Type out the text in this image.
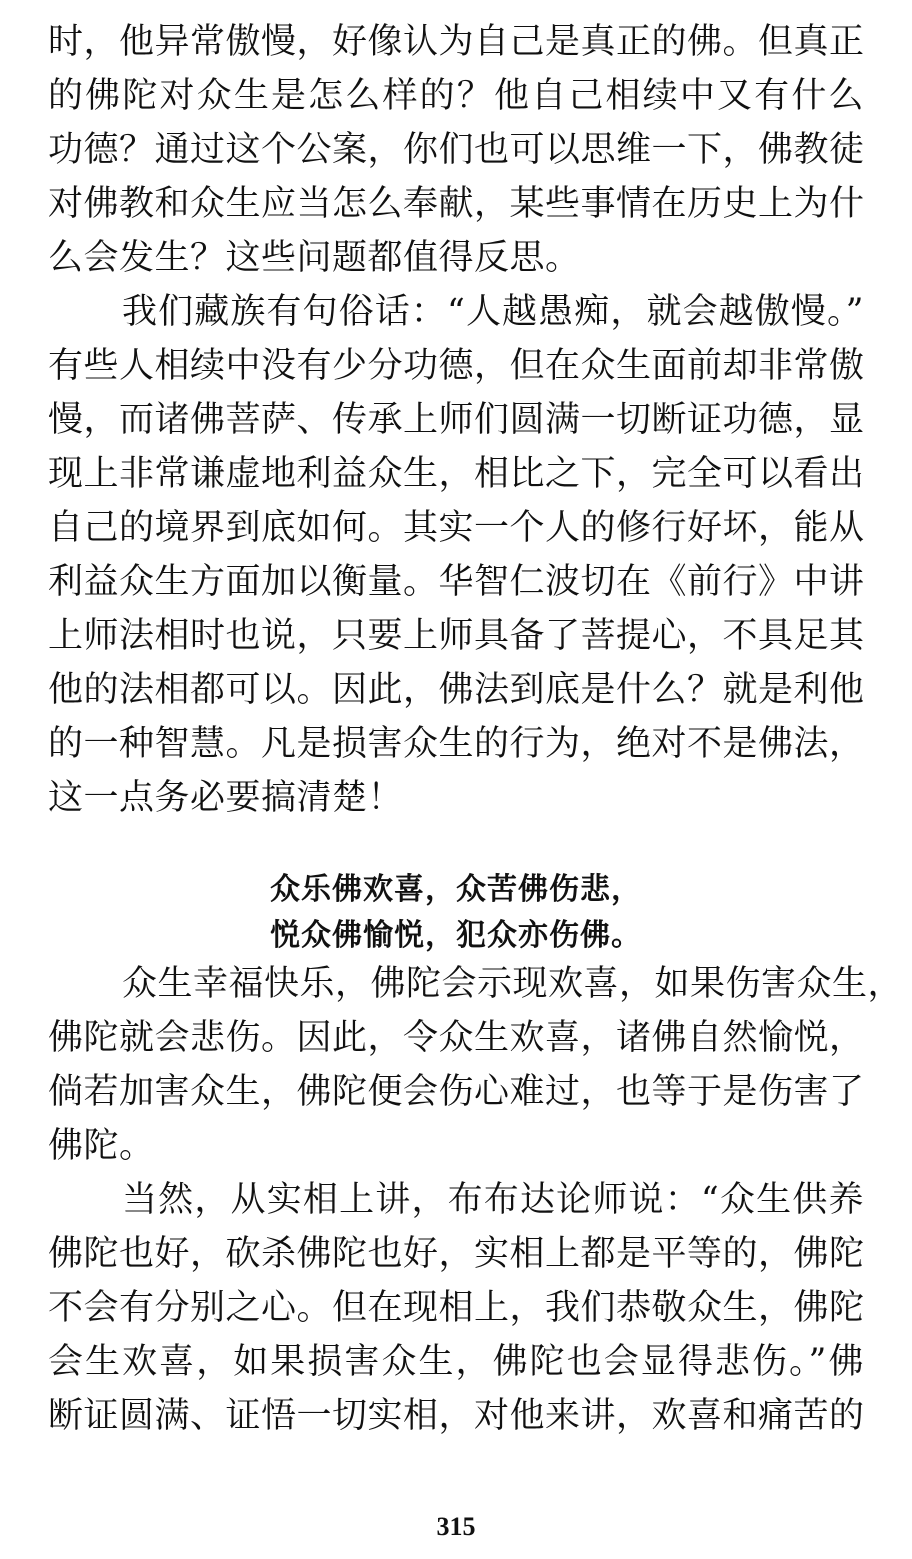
时，他异常傲慢，好像认为自己是真正的佛。但真正
的佛陀对众生是怎么样的？他自己相续中又有什么
功德？通过这个公案，你们也可以思维一下，佛教徒
对佛教和众生应当怎么奉献，某些事情在历史上为什
么会发生？这些问题都值得反思。
我们藏族有句俗话：“人越愚痴，就会越傲慢。”
有些人相续中没有少分功德，但在众生面前却非常傲
慢，而诸佛菩萨、传承上师们圆满一切断证功德，显
现上非常谦虚地利益众生，相比之下，完全可以看出
自己的境界到底如何。其实一个人的修行好坏，能从
利益众生方面加以衡量。华智仁波切在《前行》中讲
上师法相时也说，只要上师具备了菩提心，不具足其
他的法相都可以。因此，佛法到底是什么？就是利他
的一种智慧。凡是损害众生的行为，绝对不是佛法，
这一点务必要搞清楚！
众乐佛欢喜，众苦佛伤悲，
悦众佛愉悦，犯众亦伤佛。
众生幸福快乐，佛陀会示现欢喜，如果伤害众生，
佛陀就会悲伤。因此，令众生欢喜，诸佛自然愉悦，
倘若加害众生，佛陀便会伤心难过，也等于是伤害了
佛陀。
当然，从实相上讲，布布达论师说：“众生供养
佛陀也好，砍杀佛陀也好，实相上都是平等的，佛陀
不会有分别之心。但在现相上，我们恭敬众生，佛陀
会生欢喜，如果损害众生，佛陀也会显得悲伤。”佛
断证圆满、证悟一切实相，对他来讲，欢喜和痛苦的
315
